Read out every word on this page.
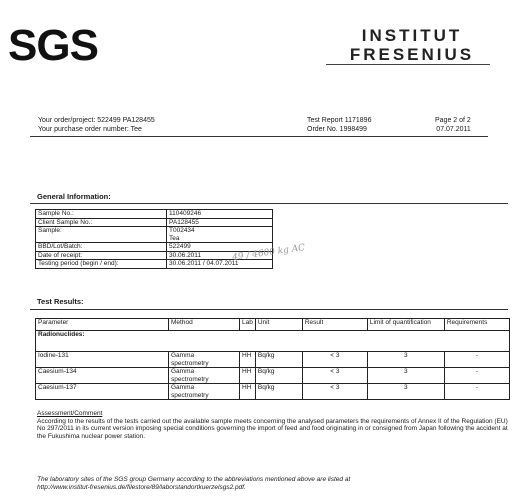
SGS	INSTITUT
FRESENIUS
Your order/project: 522499 PA128455
Your purchase order number: Tee
Test Report 1171896
Order No. 1998499
Page 2 of 2
07.07.2011
General Information:
Sample No.:	110409246
Client Sample No.:	PA128455
Sample:	T002434
Tea

BBD/Lot/Batch:	522499
Date of receipt:	30.06.2011
Testing period (begin / end):	30.06.2011 / 04.07.2011
49 / 4600 kg AC
Test Results:
Parameter	Method	Lab	Unit	Result	Limit of quantification	Requirements
Radionuclides:						
Iodine-131	Gamma
spectrometry	HH	Bq/kg	< 3	3	-
Caesium-134	Gamma
spectrometry	HH	Bq/kg	< 3	3	-
Caesium-137	Gamma
spectrometry	HH	Bq/kg	< 3	3	-
Assessment/Comment
According to the results of the tests carried out the available sample meets concerning the analysed parameters the requirements of Annex II of the Regulation (EU) No 297/2011 in its current version imposing special conditions governing the import of feed and food originating in or consigned from Japan following the accident at the Fukushima nuclear power station.
The laboratory sites of the SGS group Germany according to the abbreviations mentioned above are listed at
http://www.institut-fresenius.de/filestore/89/laborstandortkuerzelsgs2.pdf.
